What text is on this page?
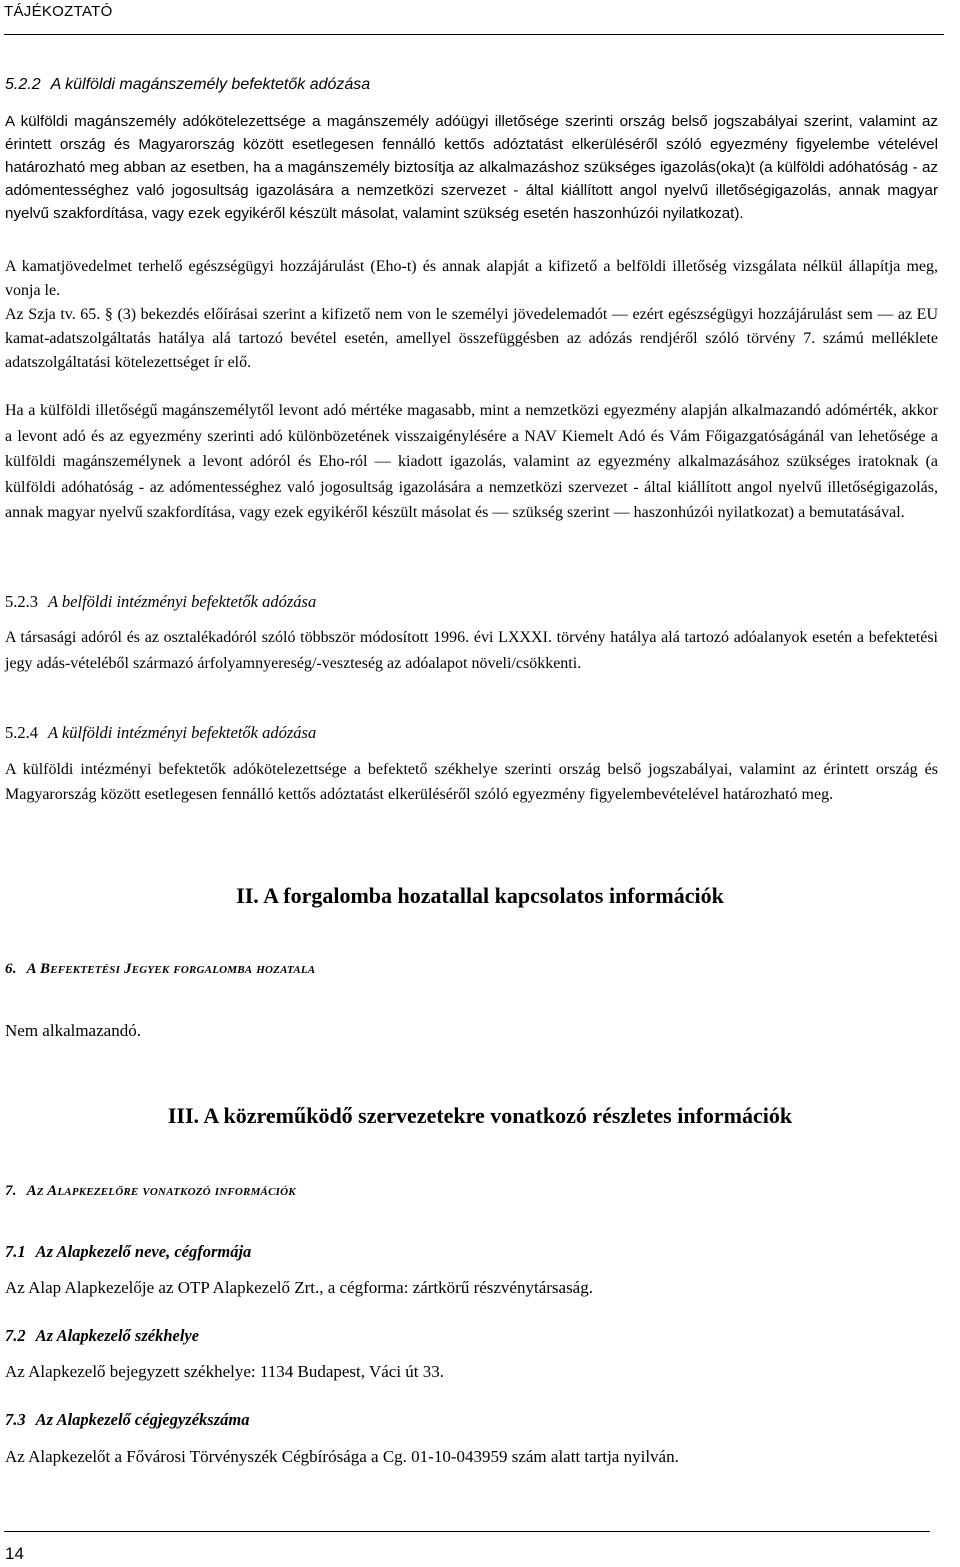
TÁJÉKOZTATÓ

5.2.2 A külföldi magánszemély befektetők adózása

A külföldi magánszemély adókötelezettsége a magánszemély adóügyi illetősége szerinti ország belső jogszabályai szerint, valamint az érintett ország és Magyarország között esetlegesen fennálló kettős adóztatást elkerüléséről szóló egyezmény figyelembe vételével határozható meg abban az esetben, ha a magánszemély biztosítja az alkalmazáshoz szükséges igazolás(oka)t (a külföldi adóhatóság - az adómentességhez való jogosultság igazolására a nemzetközi szervezet - által kiállított angol nyelvű illetőségigazolás, annak magyar nyelvű szakfordítása, vagy ezek egyikéről készült másolat, valamint szükség esetén haszonhúzói nyilatkozat).

A kamatjövedelmet terhelő egészségügyi hozzájárulást (Eho-t) és annak alapját a kifizető a belföldi illetőség vizsgálata nélkül állapítja meg, vonja le.

Az Szja tv. 65. § (3) bekezdés előírásai szerint a kifizető nem von le személyi jövedelemadót — ezért egészségügyi hozzájárulást sem — az EU kamat-adatszolgáltatás hatálya alá tartozó bevétel esetén, amellyel összefüggésben az adózás rendjéről szóló törvény 7. számú melléklete adatszolgáltatási kötelezettséget ír elő.

Ha a külföldi illetőségű magánszemélytől levont adó mértéke magasabb, mint a nemzetközi egyezmény alapján alkalmazandó adómérték, akkor a levont adó és az egyezmény szerinti adó különbözetének visszaigénylésére a NAV Kiemelt Adó és Vám Főigazgatóságánál van lehetősége a külföldi magánszemélynek a levont adóról és Eho-ról — kiadott igazolás, valamint az egyezmény alkalmazásához szükséges iratoknak (a külföldi adóhatóság - az adómentességhez való jogosultság igazolására a nemzetközi szervezet - által kiállított angol nyelvű illetőségigazolás, annak magyar nyelvű szakfordítása, vagy ezek egyikéről készült másolat és — szükség szerint — haszonhúzói nyilatkozat) a bemutatásával.

5.2.3 A belföldi intézményi befektetők adózása

A társasági adóról és az osztalékadóról szóló többször módosított 1996. évi LXXXI. törvény hatálya alá tartozó adóalanyok esetén a befektetési jegy adás-vételéből származó árfolyamnyereség/-veszteség az adóalapot növeli/csökkenti.

5.2.4 A külföldi intézményi befektetők adózása

A külföldi intézményi befektetők adókötelezettsége a befektető székhelye szerinti ország belső jogszabályai, valamint az érintett ország és Magyarország között esetlegesen fennálló kettős adóztatást elkerüléséről szóló egyezmény figyelembevételével határozható meg.

II. A forgalomba hozatallal kapcsolatos információk

6. A Befektetési Jegyek forgalomba hozatala

Nem alkalmazandó.

III. A közreműködő szervezetekre vonatkozó részletes információk

7. Az Alapkezelőre vonatkozó információk

7.1 Az Alapkezelő neve, cégformája

Az Alap Alapkezelője az OTP Alapkezelő Zrt., a cégforma: zártkörű részvénytársaság.

7.2 Az Alapkezelő székhelye

Az Alapkezelő bejegyzett székhelye: 1134 Budapest, Váci út 33.

7.3 Az Alapkezelő cégjegyzékszáma

Az Alapkezelőt a Fővárosi Törvényszék Cégbírósága a Cg. 01-10-043959 szám alatt tartja nyilván.

14
